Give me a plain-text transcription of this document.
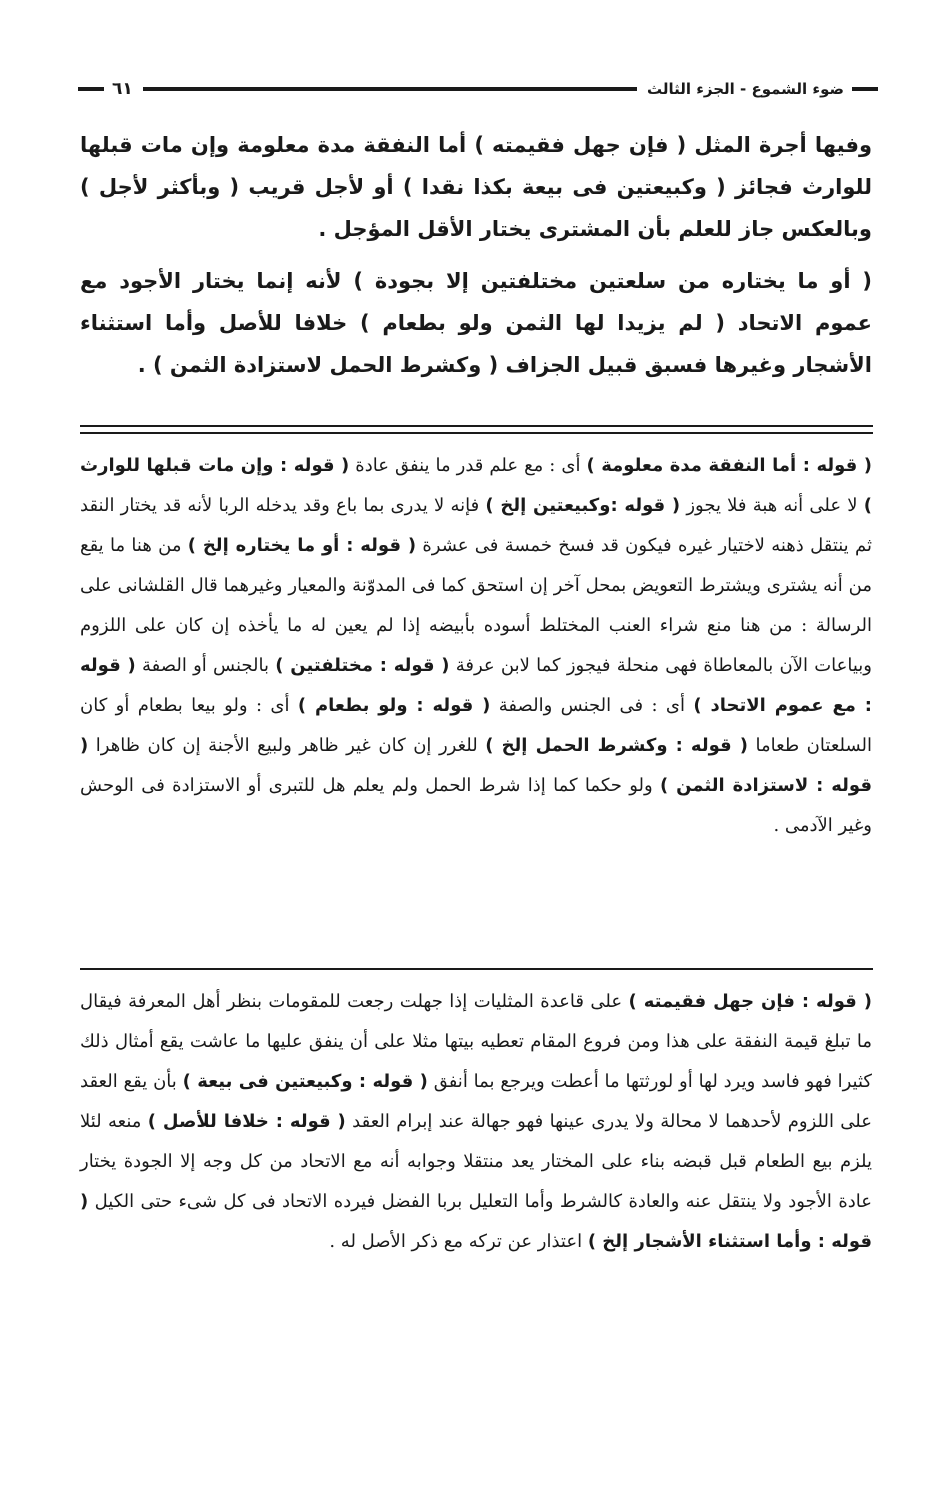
ضوء الشموع - الجزء الثالث
٦١

وفيها أجرة المثل ( فإن جهل فقيمته ) أما النفقة مدة معلومة وإن مات قبلها للوارث فجائز ( وكبيعتين فى بيعة بكذا نقدا ) أو لأجل قريب ( وبأكثر لأجل ) وبالعكس جاز للعلم بأن المشترى يختار الأقل المؤجل .

( أو ما يختاره من سلعتين مختلفتين إلا بجودة ) لأنه إنما يختار الأجود مع عموم الاتحاد ( لم يزيدا لها الثمن ولو بطعام ) خلافا للأصل وأما استثناء الأشجار وغيرها فسبق قبيل الجزاف ( وكشرط الحمل لاستزادة الثمن ) .

( قوله : أما النفقة مدة معلومة ) أى : مع علم قدر ما ينفق عادة ( قوله : وإن مات قبلها للوارث ) لا على أنه هبة فلا يجوز ( قوله :وكبيعتين إلخ ) فإنه لا يدرى بما باع وقد يدخله الربا لأنه قد يختار النقد ثم ينتقل ذهنه لاختيار غيره فيكون قد فسخ خمسة فى عشرة ( قوله : أو ما يختاره إلخ ) من هنا ما يقع من أنه يشترى ويشترط التعويض بمحل آخر إن استحق كما فى المدوّنة والمعيار وغيرهما قال القلشانى على الرسالة : من هنا منع شراء العنب المختلط أسوده بأبيضه إذا لم يعين له ما يأخذه إن كان على اللزوم وبياعات الآن بالمعاطاة فهى منحلة فيجوز كما لابن عرفة ( قوله : مختلفتين ) بالجنس أو الصفة ( قوله : مع عموم الاتحاد ) أى : فى الجنس والصفة ( قوله : ولو بطعام ) أى : ولو بيعا بطعام أو كان السلعتان طعاما ( قوله : وكشرط الحمل إلخ ) للغرر إن كان غير ظاهر ولبيع الأجنة إن كان ظاهرا ( قوله : لاستزادة الثمن ) ولو حكما كما إذا شرط الحمل ولم يعلم هل للتبرى أو الاستزادة فى الوحش وغير الآدمى .

( قوله : فإن جهل فقيمته ) على قاعدة المثليات إذا جهلت رجعت للمقومات بنظر أهل المعرفة فيقال ما تبلغ قيمة النفقة على هذا ومن فروع المقام تعطيه بيتها مثلا على أن ينفق عليها ما عاشت يقع أمثال ذلك كثيرا فهو فاسد ويرد لها أو لورثتها ما أعطت ويرجع بما أنفق ( قوله : وكبيعتين فى بيعة ) بأن يقع العقد على اللزوم لأحدهما لا محالة ولا يدرى عينها فهو جهالة عند إبرام العقد ( قوله : خلافا للأصل ) منعه لئلا يلزم بيع الطعام قبل قبضه بناء على المختار يعد منتقلا وجوابه أنه مع الاتحاد من كل وجه إلا الجودة يختار عادة الأجود ولا ينتقل عنه والعادة كالشرط وأما التعليل بربا الفضل فيرده الاتحاد فى كل شىء حتى الكيل ( قوله : وأما استثناء الأشجار إلخ ) اعتذار عن تركه مع ذكر الأصل له .
